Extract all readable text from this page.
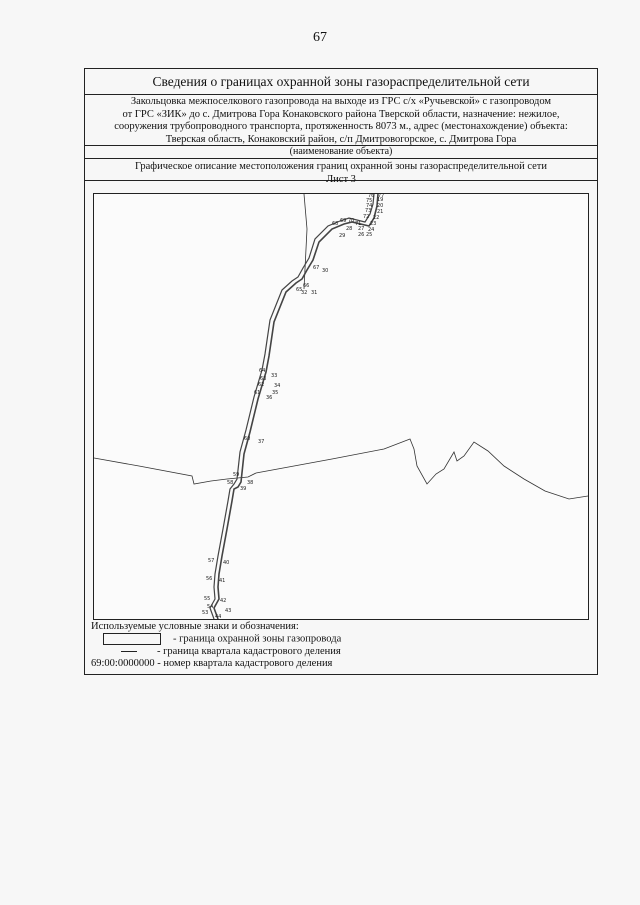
67
Сведения о границах охранной зоны газораспределительной сети
Закольцовка межпоселкового газопровода на выходе из ГРС с/х «Ручьевской» с газопроводом
от ГРС «ЗИК» до с. Дмитрова Гора Конаковского района Тверской области, назначение: нежилое,
сооружения трубопроводного транспорта, протяженность 8073 м., адрес (местонахождение) объекта:
Тверская область, Конаковский район, с/п Дмитровогорское, с. Дмитрова Гора
(наименование объекта)
Графическое описание местоположения границ охранной зоны газораспределительной сети
Лист 3
19
20
21
22
23
24
25
26
27
28
29
30
31
32
33
34
35
36
37
38
39
40
41
42
43
44
53
54
55
56
57
58
59
60
61
62
63
64
65
66
67
68 69 70 71
72
73
74
75
76 77
Используемые условные знаки и обозначения:
- граница охранной зоны газопровода
- граница квартала кадастрового деления
69:00:0000000 - номер квартала кадастрового деления
